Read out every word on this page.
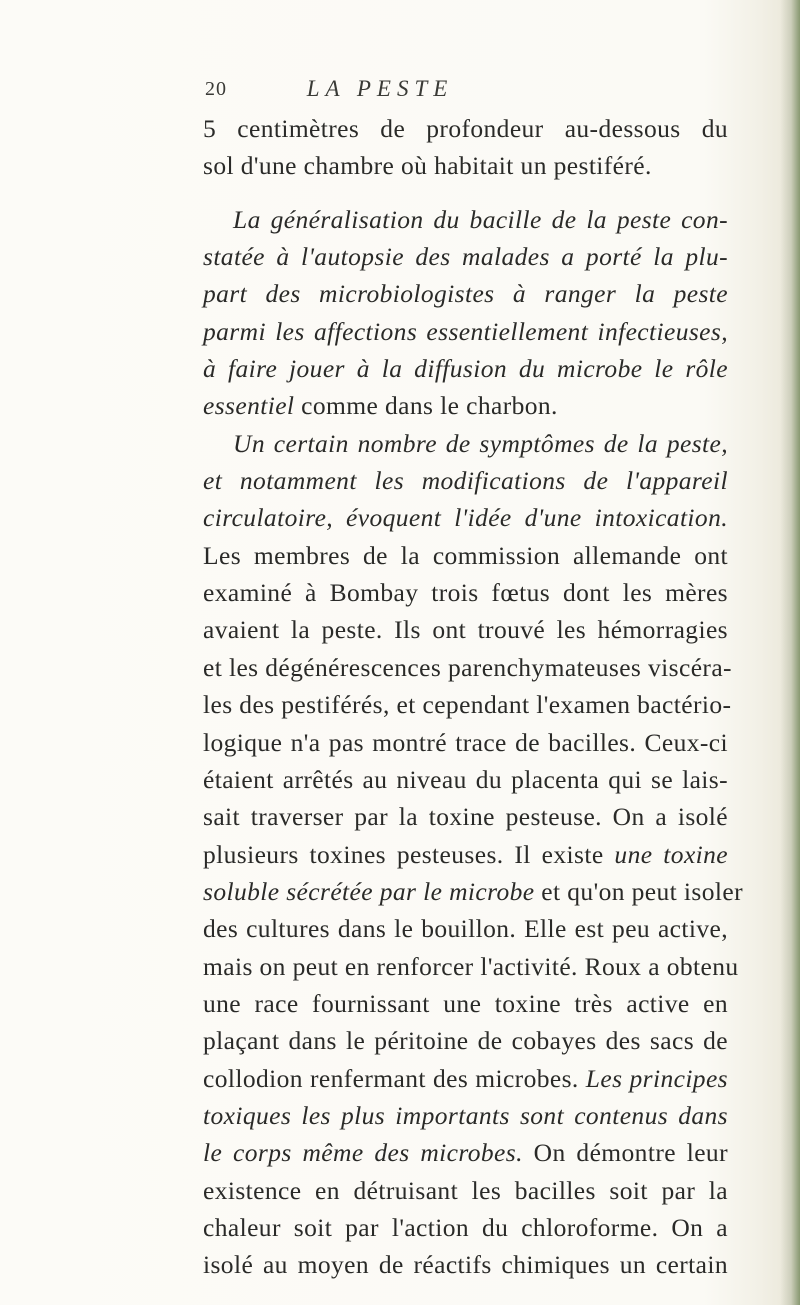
20	LA PESTE
5 centimètres de profondeur au-dessous du
sol d'une chambre où habitait un pestiféré.
La généralisation du bacille de la peste con-
statée à l'autopsie des malades a porté la plu-
part des microbiologistes à ranger la peste
parmi les affections essentiellement infectieuses,
à faire jouer à la diffusion du microbe le rôle
essentiel comme dans le charbon.
Un certain nombre de symptômes de la peste,
et notamment les modifications de l'appareil
circulatoire, évoquent l'idée d'une intoxication.
Les membres de la commission allemande ont
examiné à Bombay trois fœtus dont les mères
avaient la peste. Ils ont trouvé les hémorragies
et les dégénérescences parenchymateuses viscéra-
les des pestiférés, et cependant l'examen bactério-
logique n'a pas montré trace de bacilles. Ceux-ci
étaient arrêtés au niveau du placenta qui se lais-
sait traverser par la toxine pesteuse. On a isolé
plusieurs toxines pesteuses. Il existe une toxine
soluble sécrétée par le microbe et qu'on peut isoler
des cultures dans le bouillon. Elle est peu active,
mais on peut en renforcer l'activité. Roux a obtenu
une race fournissant une toxine très active en
plaçant dans le péritoine de cobayes des sacs de
collodion renfermant des microbes. Les principes
toxiques les plus importants sont contenus dans
le corps même des microbes. On démontre leur
existence en détruisant les bacilles soit par la
chaleur soit par l'action du chloroforme. On a
isolé au moyen de réactifs chimiques un certain
